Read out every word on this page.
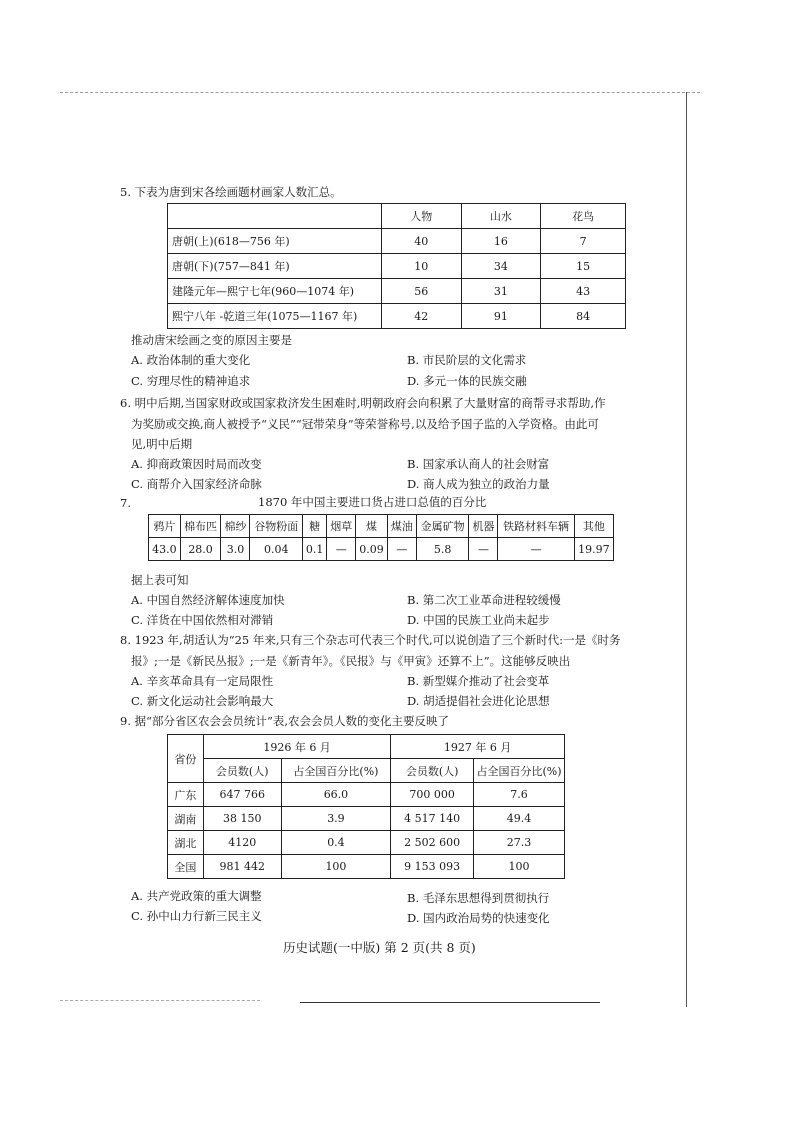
5. 下表为唐到宋各绘画题材画家人数汇总。
	人物	山水	花鸟
唐朝(上)(618—756 年)	40	16	7
唐朝(下)(757—841 年)	10	34	15
建隆元年—熙宁七年(960—1074 年)	56	31	43
熙宁八年 -乾道三年(1075—1167 年)	42	91	84
推动唐宋绘画之变的原因主要是
A. 政治体制的重大变化	B. 市民阶层的文化需求
C. 穷理尽性的精神追求	D. 多元一体的民族交融
6. 明中后期,当国家财政或国家救济发生困难时,明朝政府会向积累了大量财富的商帮寻求帮助,作
为奖励或交换,商人被授予“义民”“冠带荣身”等荣誉称号,以及给予国子监的入学资格。由此可
见,明中后期
A. 抑商政策因时局而改变	B. 国家承认商人的社会财富
C. 商帮介入国家经济命脉	D. 商人成为独立的政治力量
7.	1870 年中国主要进口货占进口总值的百分比
鸦片	棉布匹	棉纱	谷物粉面	糖	烟草	煤	煤油	金属矿物	机器	铁路材料车辆	其他
43.0	28.0	3.0	0.04	0.1	—	0.09	—	5.8	—	—	19.97
据上表可知
A. 中国自然经济解体速度加快	B. 第二次工业革命进程较缓慢
C. 洋货在中国依然相对滞销	D. 中国的民族工业尚未起步
8. 1923 年,胡适认为“25 年来,只有三个杂志可代表三个时代,可以说创造了三个新时代:一是《时务
报》;一是《新民丛报》;一是《新青年》。《民报》与《甲寅》还算不上”。这能够反映出
A. 辛亥革命具有一定局限性	B. 新型媒介推动了社会变革
C. 新文化运动社会影响最大	D. 胡适提倡社会进化论思想
9. 据“部分省区农会会员统计”表,农会会员人数的变化主要反映了
省份	1926 年 6 月		1927 年 6 月	
	会员数(人)	占全国百分比(%)	会员数(人)	占全国百分比(%)
广东	647 766	66.0	700 000	7.6
湖南	38 150	3.9	4 517 140	49.4
湖北	4120	0.4	2 502 600	27.3
全国	981 442	100	9 153 093	100
A. 共产党政策的重大调整	B. 毛泽东思想得到贯彻执行
C. 孙中山力行新三民主义	D. 国内政治局势的快速变化
历史试题(一中版) 第 2 页(共 8 页)
